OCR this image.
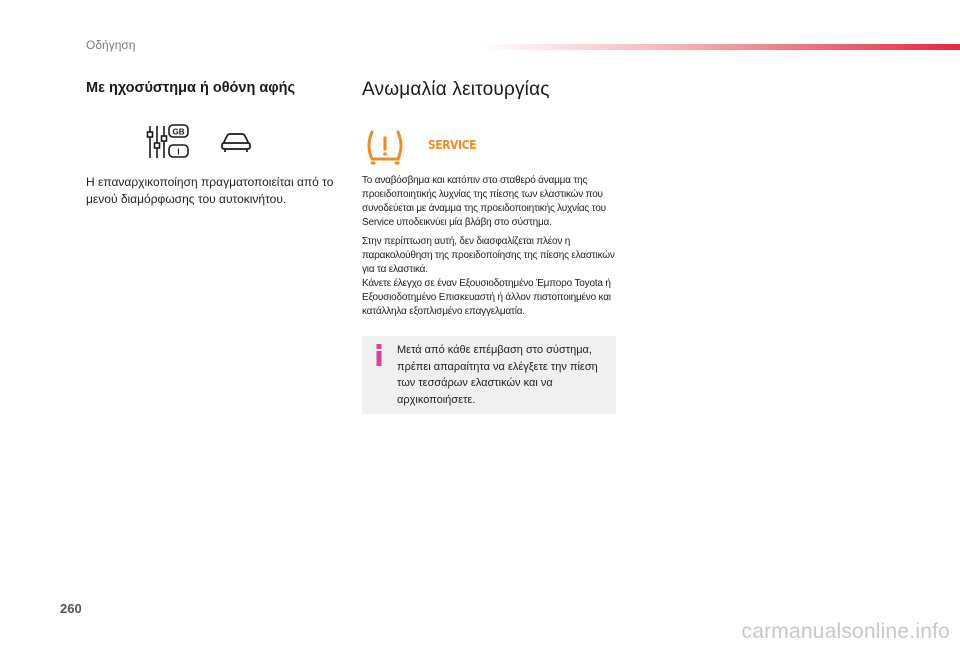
Οδήγηση
Με ηχοσύστημα ή οθόνη αφής
GB
I
Η επαναρχικοποίηση πραγματοποιείται από το μενού διαμόρφωσης του αυτοκινήτου.
Ανωμαλία λειτουργίας
SERVICE

Το αναβόσβημα και κατόπιν στο σταθερό άναμμα της προειδοποιητικής λυχνίας της πίεσης των ελαστικών που συνοδεύεται με άναμμα της προειδοποιητικής λυχνίας του Service υποδεικνύει μία βλάβη στο σύστημα.

Στην περίπτωση αυτή, δεν διασφαλίζεται πλέον η παρακολούθηση της προειδοποίησης της πίεσης ελαστικών για τα ελαστικά.

Κάνετε έλεγχο σε έναν Εξουσιοδοτημένο Έμπορο Toyota ή Εξουσιοδοτημένο Επισκευαστή ή άλλον πιστοποιημένο και κατάλληλα εξοπλισμένο επαγγελματία.

Μετά από κάθε επέμβαση στο σύστημα, πρέπει απαραίτητα να ελέγξετε την πίεση των τεσσάρων ελαστικών και να αρχικοποιήσετε.
260
carmanualsonline.info
